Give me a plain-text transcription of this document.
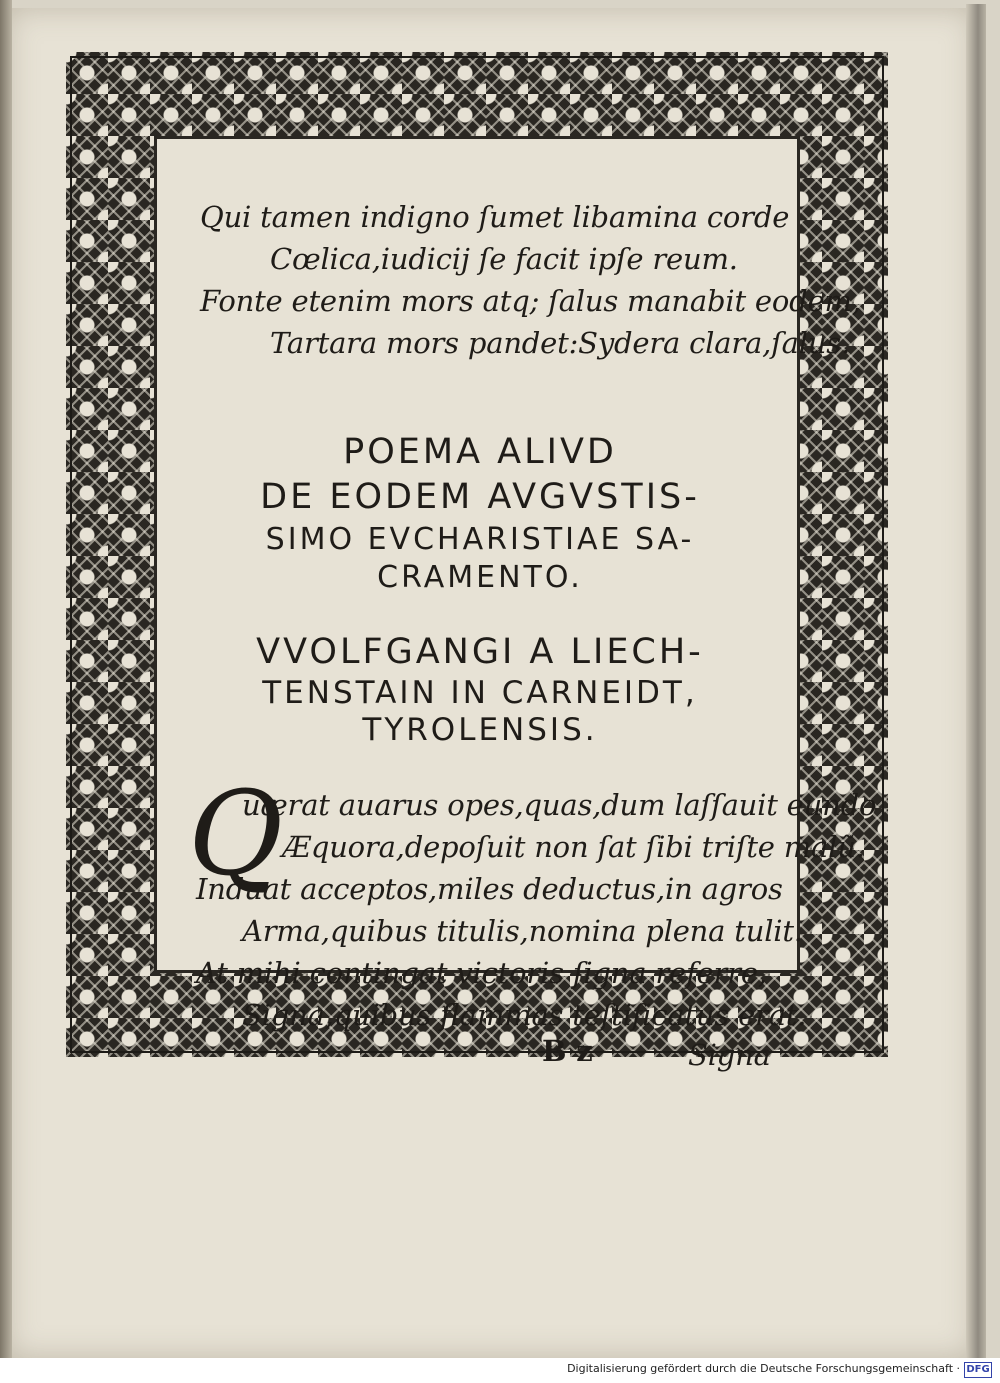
Qui tamen indigno ſumet libamina corde
Cœlica,iudicij ſe facit ipſe reum.
Fonte etenim mors atq; ſalus manabit eodem,
Tartara mors pandet:Sydera clara,ſalus.
POEMA ALIVD
DE EODEM AVGVSTIS-
SIMO EVCHARISTIAE SA-
CRAMENTO.
VVOLFGANGI A LIECH-
TENSTAIN IN CARNEIDT,
TYROLENSIS.
Q
uærat auarus opes,quas,dum laſſauit eundo
Æquora,depoſuit non ſat ſibi triſte malũ.
Induat acceptos,miles deductus,in agros
Arma,quibus titulis,nomina plena tulit.
At mihi contingat victoris ſigna referre,
Signa,quibus flammas teſtificatus erat.
B z	Signa
Digitalisierung gefördert durch die Deutsche Forschungsgemeinschaft · DFG
